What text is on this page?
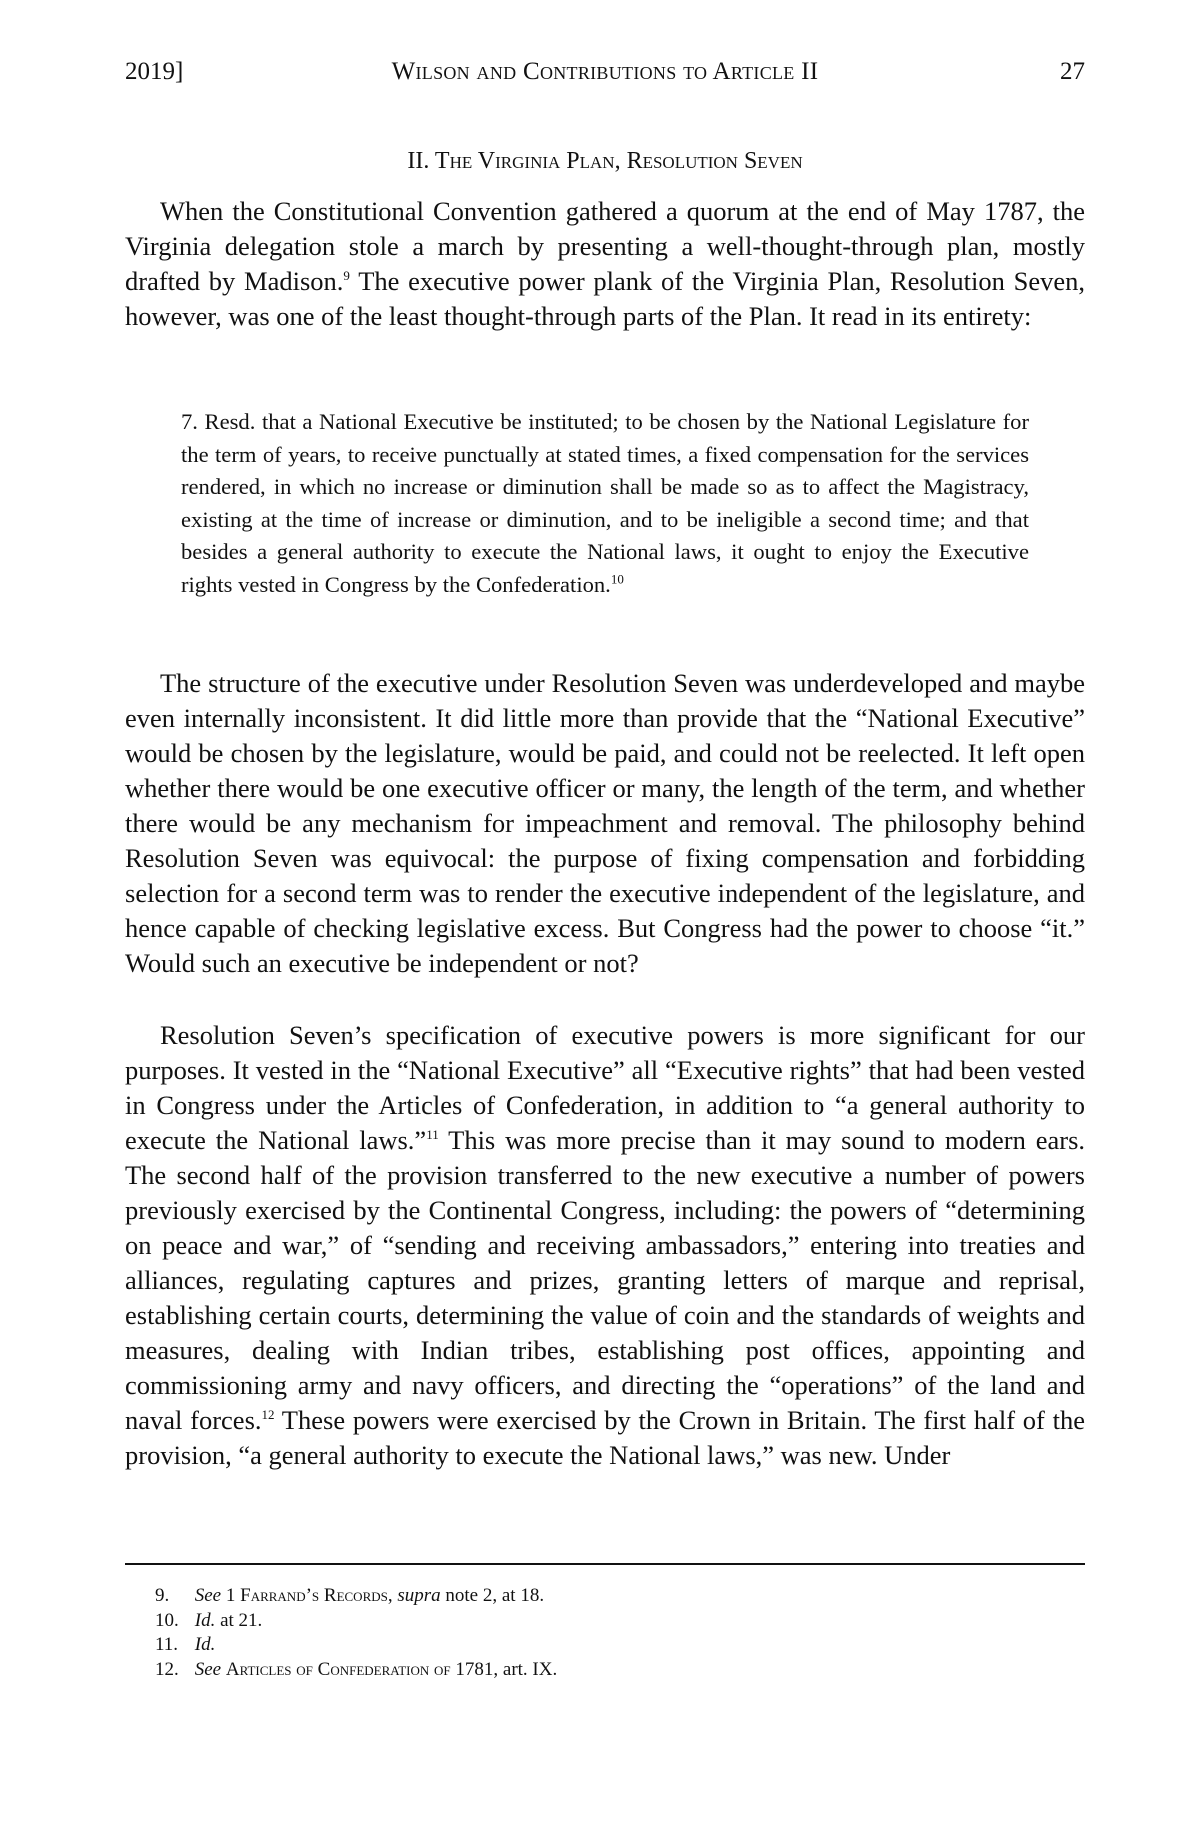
2019]	Wilson and Contributions to Article II	27
II. The Virginia Plan, Resolution Seven

When the Constitutional Convention gathered a quorum at the end of May 1787, the Virginia delegation stole a march by presenting a well-thought-through plan, mostly drafted by Madison.$^9$ The executive power plank of the Virginia Plan, Resolution Seven, however, was one of the least thought-through parts of the Plan. It read in its entirety:

7. Resd. that a National Executive be instituted; to be chosen by the National Legislature for the term of years, to receive punctually at stated times, a fixed compensation for the services rendered, in which no increase or diminution shall be made so as to affect the Magistracy, existing at the time of increase or diminution, and to be ineligible a second time; and that besides a general authority to execute the National laws, it ought to enjoy the Executive rights vested in Congress by the Confederation.$^{10}$

The structure of the executive under Resolution Seven was underdeveloped and maybe even internally inconsistent. It did little more than provide that the “National Executive” would be chosen by the legislature, would be paid, and could not be reelected. It left open whether there would be one executive officer or many, the length of the term, and whether there would be any mechanism for impeachment and removal. The philosophy behind Resolution Seven was equivocal: the purpose of fixing compensation and forbidding selection for a second term was to render the executive independent of the legislature, and hence capable of checking legislative excess. But Congress had the power to choose “it.” Would such an executive be independent or not?

Resolution Seven’s specification of executive powers is more significant for our purposes. It vested in the “National Executive” all “Executive rights” that had been vested in Congress under the Articles of Confederation, in addition to “a general authority to execute the National laws.”$^{11}$ This was more precise than it may sound to modern ears. The second half of the provision transferred to the new executive a number of powers previously exercised by the Continental Congress, including: the powers of “determining on peace and war,” of “sending and receiving ambassadors,” entering into treaties and alliances, regulating captures and prizes, granting letters of marque and reprisal, establishing certain courts, determining the value of coin and the standards of weights and measures, dealing with Indian tribes, establishing post offices, appointing and commissioning army and navy officers, and directing the “operations” of the land and naval forces.$^{12}$ These powers were exercised by the Crown in Britain. The first half of the provision, “a general authority to execute the National laws,” was new. Under

9. See 1 Farrand’s Records, supra note 2, at 18.
10. Id. at 21.
11. Id.
12. See Articles of Confederation of 1781, art. IX.
